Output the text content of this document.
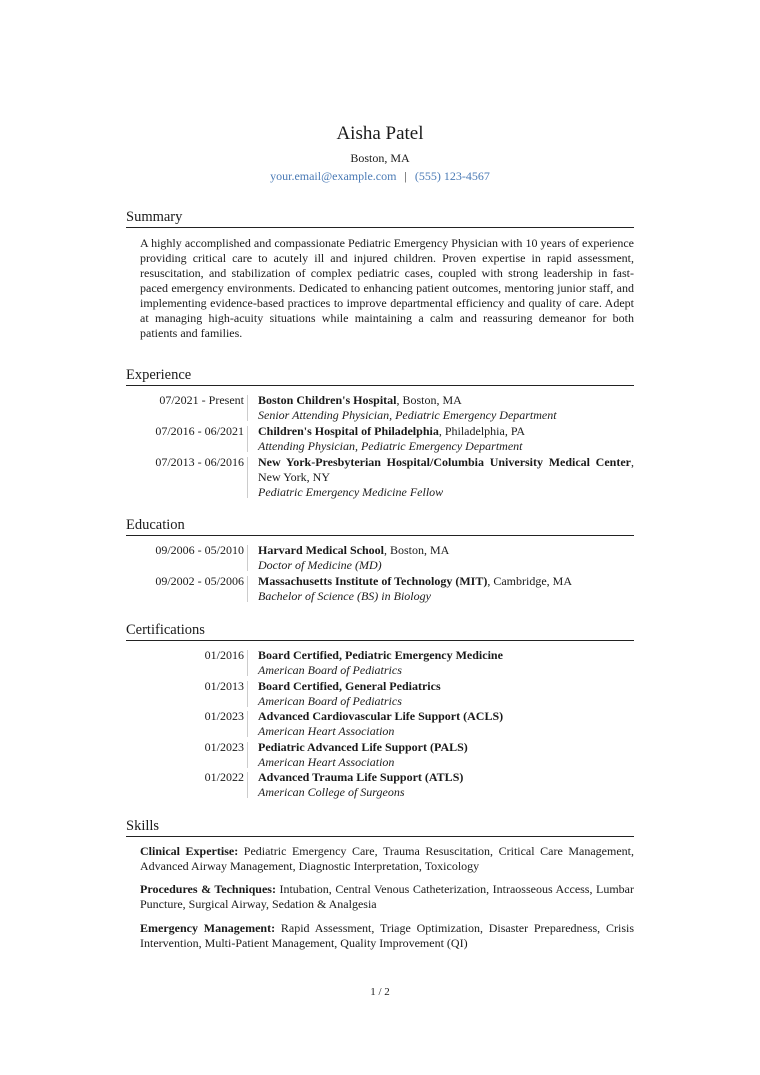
Aisha Patel
Boston, MA
your.email@example.com | (555) 123-4567
Summary
A highly accomplished and compassionate Pediatric Emergency Physician with 10 years of experience providing critical care to acutely ill and injured children. Proven expertise in rapid assessment, resuscitation, and stabilization of complex pediatric cases, coupled with strong leadership in fast-paced emergency environments. Dedicated to enhancing patient outcomes, mentoring junior staff, and implementing evidence-based practices to improve departmental efficiency and quality of care. Adept at managing high-acuity situations while maintaining a calm and reassuring demeanor for both patients and families.
Experience
07/2021 - Present Boston Children's Hospital, Boston, MA
Senior Attending Physician, Pediatric Emergency Department
07/2016 - 06/2021 Children's Hospital of Philadelphia, Philadelphia, PA
Attending Physician, Pediatric Emergency Department
07/2013 - 06/2016 New York-Presbyterian Hospital/Columbia University Medical Center, New York, NY
Pediatric Emergency Medicine Fellow
Education
09/2006 - 05/2010 Harvard Medical School, Boston, MA
Doctor of Medicine (MD)
09/2002 - 05/2006 Massachusetts Institute of Technology (MIT), Cambridge, MA
Bachelor of Science (BS) in Biology
Certifications
01/2016 Board Certified, Pediatric Emergency Medicine
American Board of Pediatrics
01/2013 Board Certified, General Pediatrics
American Board of Pediatrics
01/2023 Advanced Cardiovascular Life Support (ACLS)
American Heart Association
01/2023 Pediatric Advanced Life Support (PALS)
American Heart Association
01/2022 Advanced Trauma Life Support (ATLS)
American College of Surgeons
Skills
Clinical Expertise: Pediatric Emergency Care, Trauma Resuscitation, Critical Care Management, Advanced Airway Management, Diagnostic Interpretation, Toxicology
Procedures & Techniques: Intubation, Central Venous Catheterization, Intraosseous Access, Lumbar Puncture, Surgical Airway, Sedation & Analgesia
Emergency Management: Rapid Assessment, Triage Optimization, Disaster Preparedness, Crisis Intervention, Multi-Patient Management, Quality Improvement (QI)
1 / 2
